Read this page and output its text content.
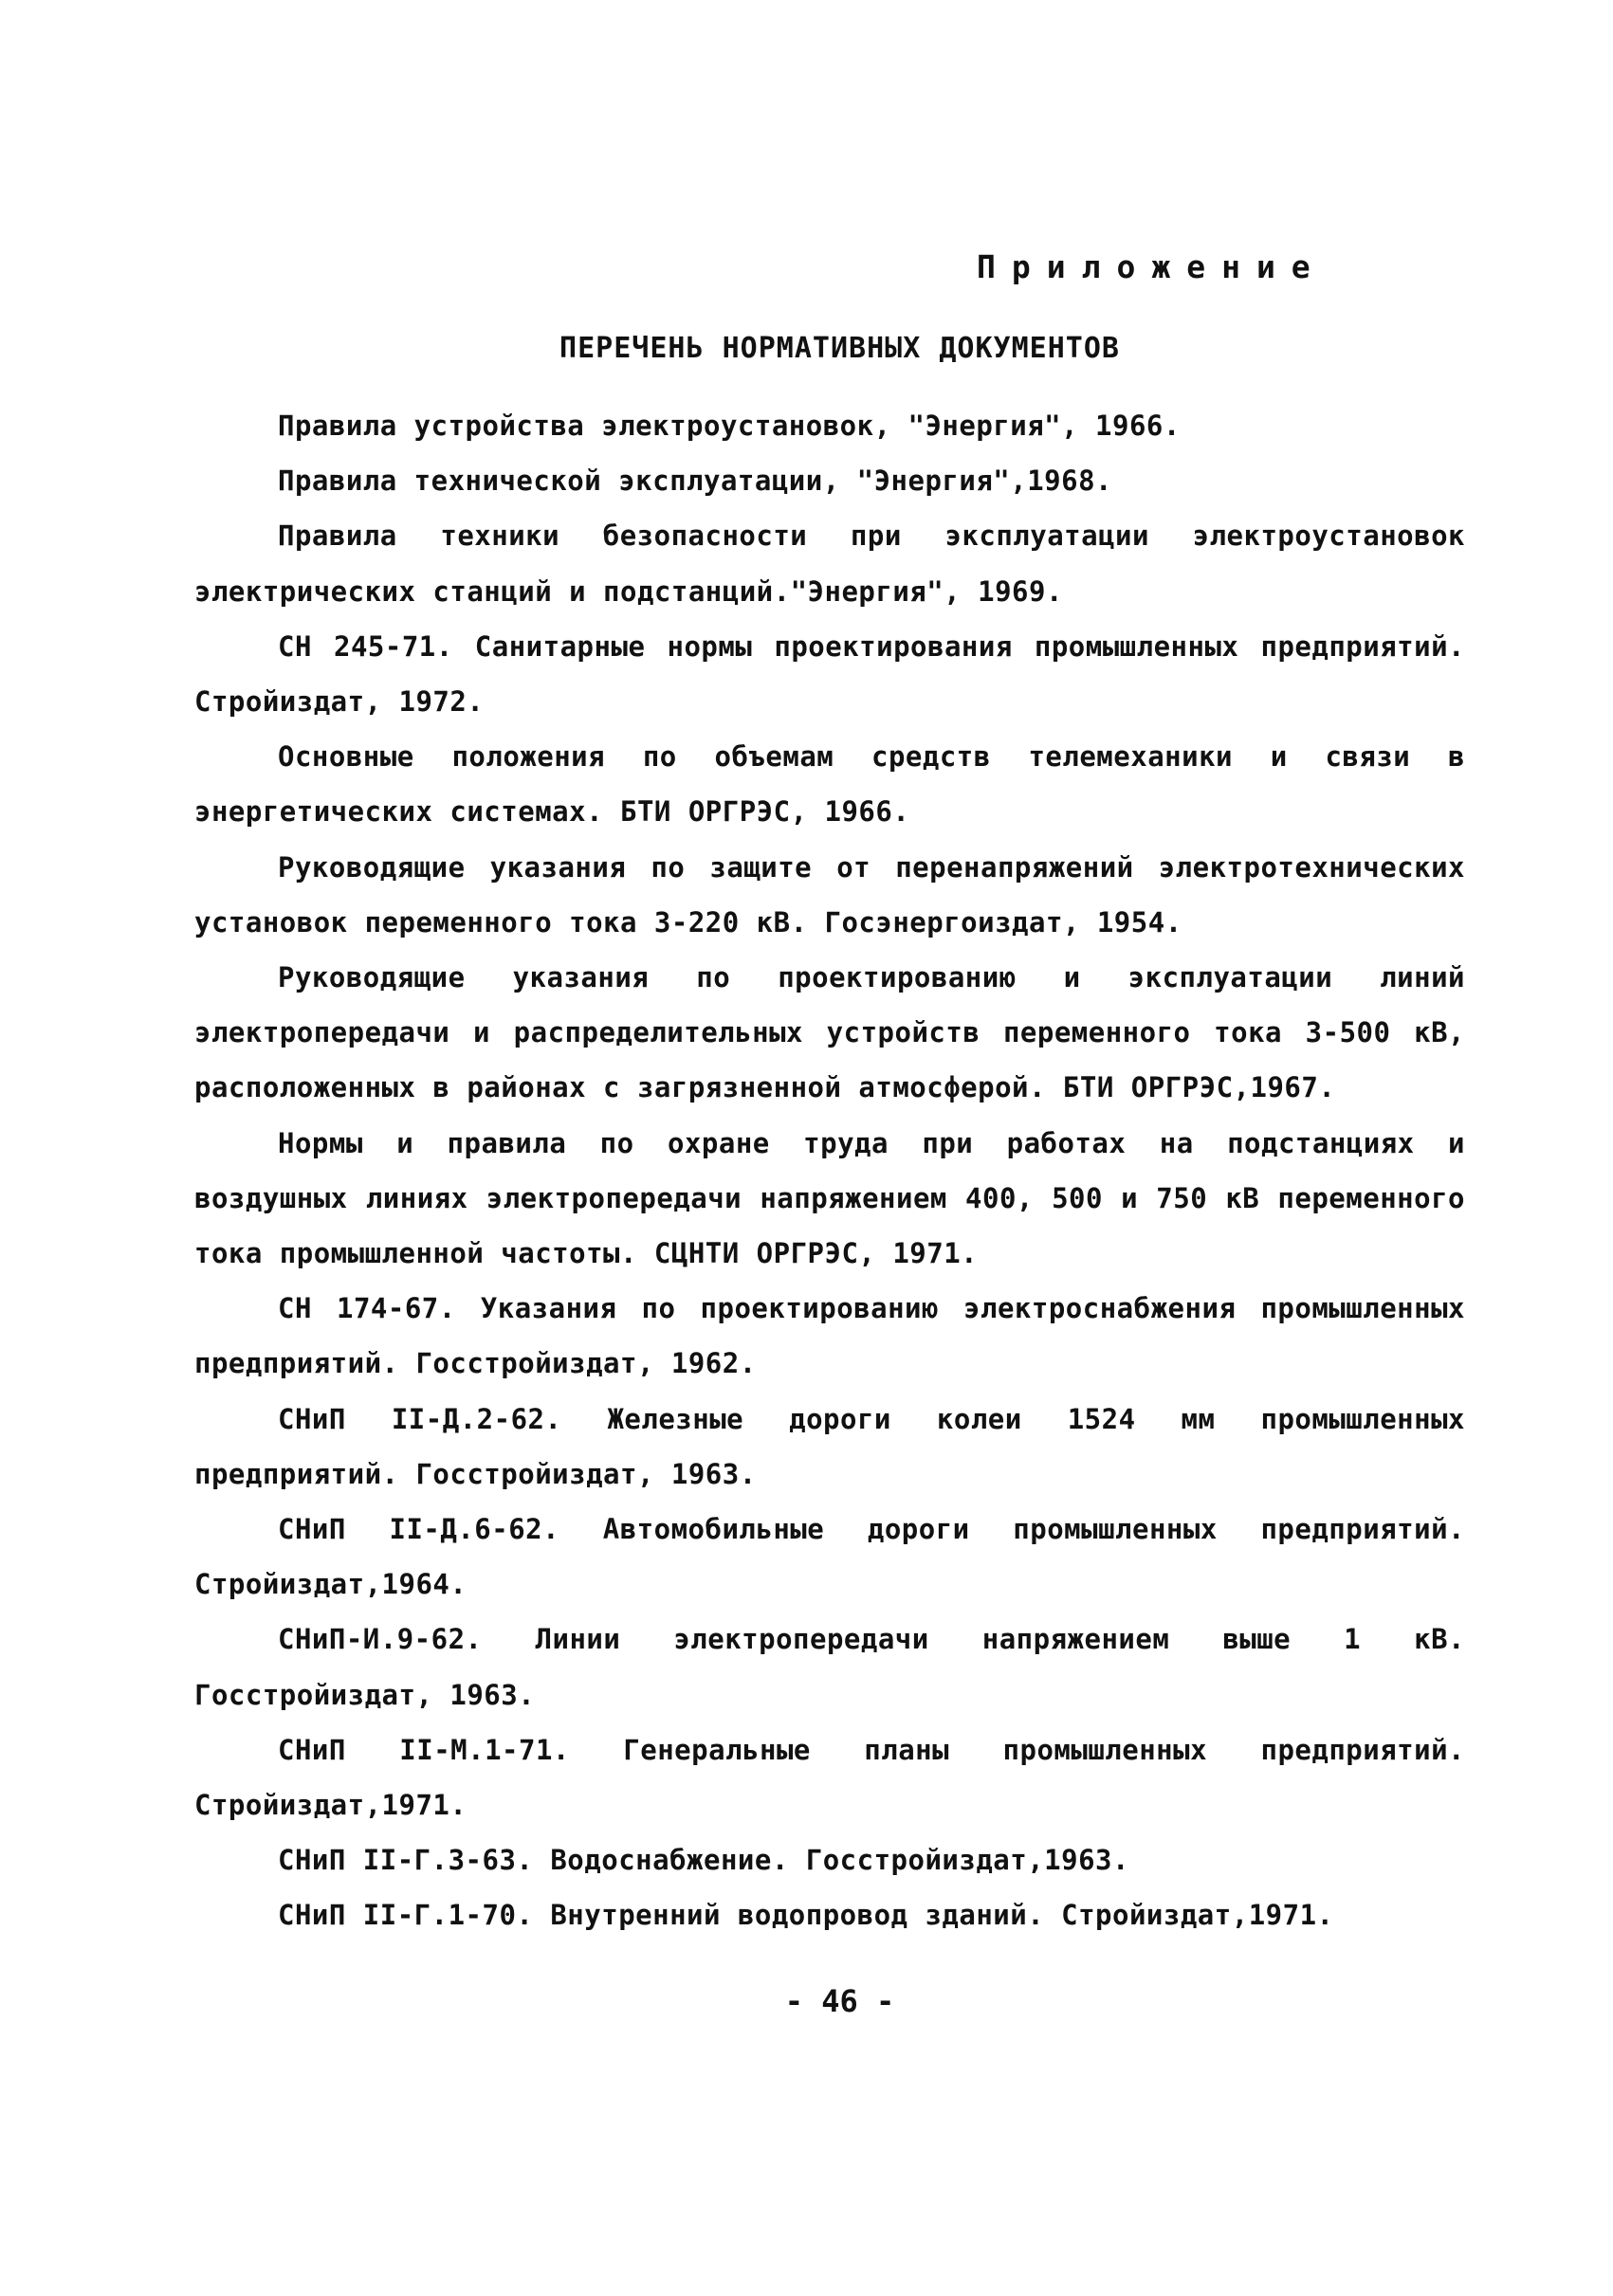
Приложение
ПЕРЕЧЕНЬ НОРМАТИВНЫХ ДОКУМЕНТОВ

Правила устройства электроустановок, "Энергия", 1966.

Правила технической эксплуатации, "Энергия",1968.

Правила техники безопасности при эксплуатации электроустановок электрических станций и подстанций."Энергия", 1969.

СН 245-71. Санитарные нормы проектирования промышленных предприятий. Стройиздат, 1972.

Основные положения по объемам средств телемеханики и связи в энергетических системах. БТИ ОРГРЭС, 1966.

Руководящие указания по защите от перенапряжений электротехнических установок переменного тока 3-220 кВ. Госэнергоиздат, 1954.

Руководящие указания по проектированию и эксплуатации линий электропередачи и распределительных устройств переменного тока 3-500 кВ, расположенных в районах с загрязненной атмосферой. БТИ ОРГРЭС,1967.

Нормы и правила по охране труда при работах на подстанциях и воздушных линиях электропередачи напряжением 400, 500 и 750 кВ переменного тока промышленной частоты. СЦНТИ ОРГРЭС, 1971.

СН 174-67. Указания по проектированию электроснабжения промышленных предприятий. Госстройиздат, 1962.

СНиП II-Д.2-62. Железные дороги колеи 1524 мм промышленных предприятий. Госстройиздат, 1963.

СНиП II-Д.6-62. Автомобильные дороги промышленных предприятий. Стройиздат,1964.

СНиП-И.9-62. Линии электропередачи напряжением выше 1 кВ. Госстройиздат, 1963.

СНиП II-М.1-71. Генеральные планы промышленных предприятий. Стройиздат,1971.

СНиП II-Г.3-63. Водоснабжение. Госстройиздат,1963.

СНиП II-Г.1-70. Внутренний водопровод зданий. Стройиздат,1971.

- 46 -
